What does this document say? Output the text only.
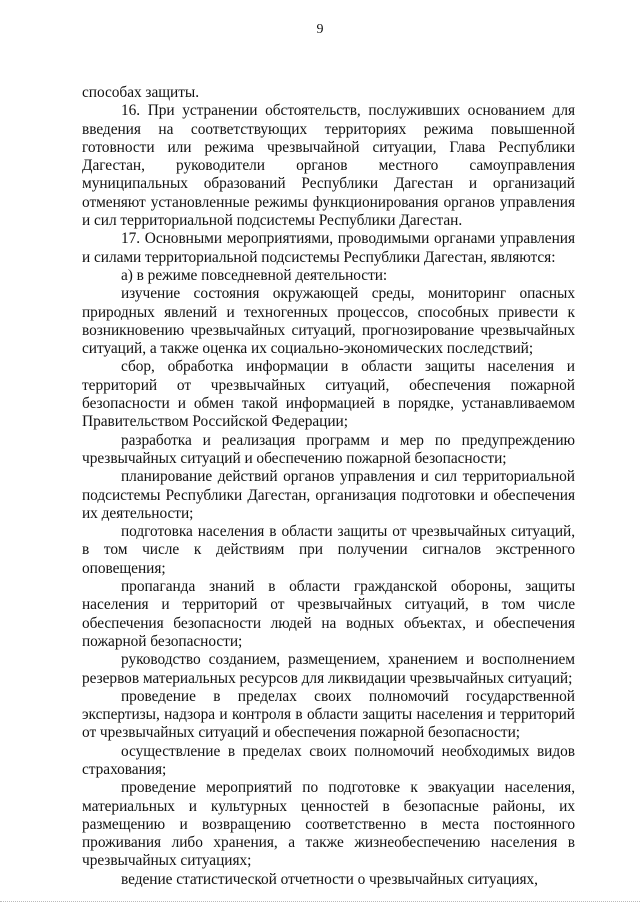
9

способах защиты.

16. При устранении обстоятельств, послуживших основанием для введения на соответствующих территориях режима повышенной готовности или режима чрезвычайной ситуации, Глава Республики Дагестан, руководители органов местного самоуправления муниципальных образований Республики Дагестан и организаций отменяют установленные режимы функционирования органов управления и сил территориальной подсистемы Республики Дагестан.

17. Основными мероприятиями, проводимыми органами управления и силами территориальной подсистемы Республики Дагестан, являются:

а) в режиме повседневной деятельности:

изучение состояния окружающей среды, мониторинг опасных природных явлений и техногенных процессов, способных привести к возникновению чрезвычайных ситуаций, прогнозирование чрезвычайных ситуаций, а также оценка их социально-экономических последствий;

сбор, обработка информации в области защиты населения и территорий от чрезвычайных ситуаций, обеспечения пожарной безопасности и обмен такой информацией в порядке, устанавливаемом Правительством Российской Федерации;

разработка и реализация программ и мер по предупреждению чрезвычайных ситуаций и обеспечению пожарной безопасности;

планирование действий органов управления и сил территориальной подсистемы Республики Дагестан, организация подготовки и обеспечения их деятельности;

подготовка населения в области защиты от чрезвычайных ситуаций, в том числе к действиям при получении сигналов экстренного оповещения;

пропаганда знаний в области гражданской обороны, защиты населения и территорий от чрезвычайных ситуаций, в том числе обеспечения безопасности людей на водных объектах, и обеспечения пожарной безопасности;

руководство созданием, размещением, хранением и восполнением резервов материальных ресурсов для ликвидации чрезвычайных ситуаций;

проведение в пределах своих полномочий государственной экспертизы, надзора и контроля в области защиты населения и территорий от чрезвычайных ситуаций и обеспечения пожарной безопасности;

осуществление в пределах своих полномочий необходимых видов страхования;

проведение мероприятий по подготовке к эвакуации населения, материальных и культурных ценностей в безопасные районы, их размещению и возвращению соответственно в места постоянного проживания либо хранения, а также жизнеобеспечению населения в чрезвычайных ситуациях;

ведение статистической отчетности о чрезвычайных ситуациях,
